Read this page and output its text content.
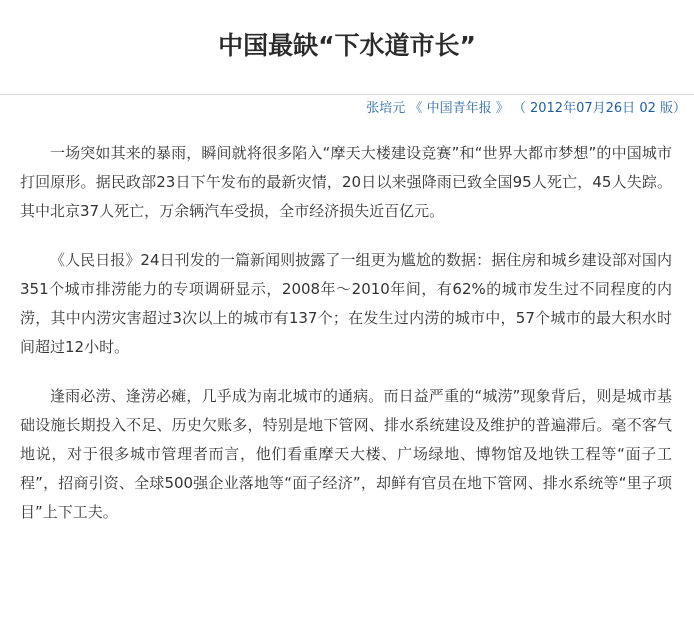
中国最缺“下水道市长”
张培元 《 中国青年报 》 （ 2012年07月26日 02 版）

一场突如其来的暴雨，瞬间就将很多陷入“摩天大楼建设竞赛”和“世界大都市梦想”的中国城市打回原形。据民政部23日下午发布的最新灾情，20日以来强降雨已致全国95人死亡，45人失踪。其中北京37人死亡，万余辆汽车受损，全市经济损失近百亿元。

《人民日报》24日刊发的一篇新闻则披露了一组更为尴尬的数据：据住房和城乡建设部对国内351个城市排涝能力的专项调研显示，2008年～2010年间，有62%的城市发生过不同程度的内涝，其中内涝灾害超过3次以上的城市有137个；在发生过内涝的城市中，57个城市的最大积水时间超过12小时。

逢雨必涝、逢涝必瘫，几乎成为南北城市的通病。而日益严重的“城涝”现象背后，则是城市基础设施长期投入不足、历史欠账多，特别是地下管网、排水系统建设及维护的普遍滞后。毫不客气地说，对于很多城市管理者而言，他们看重摩天大楼、广场绿地、博物馆及地铁工程等“面子工程”，招商引资、全球500强企业落地等“面子经济”，却鲜有官员在地下管网、排水系统等“里子项目”上下工夫。
